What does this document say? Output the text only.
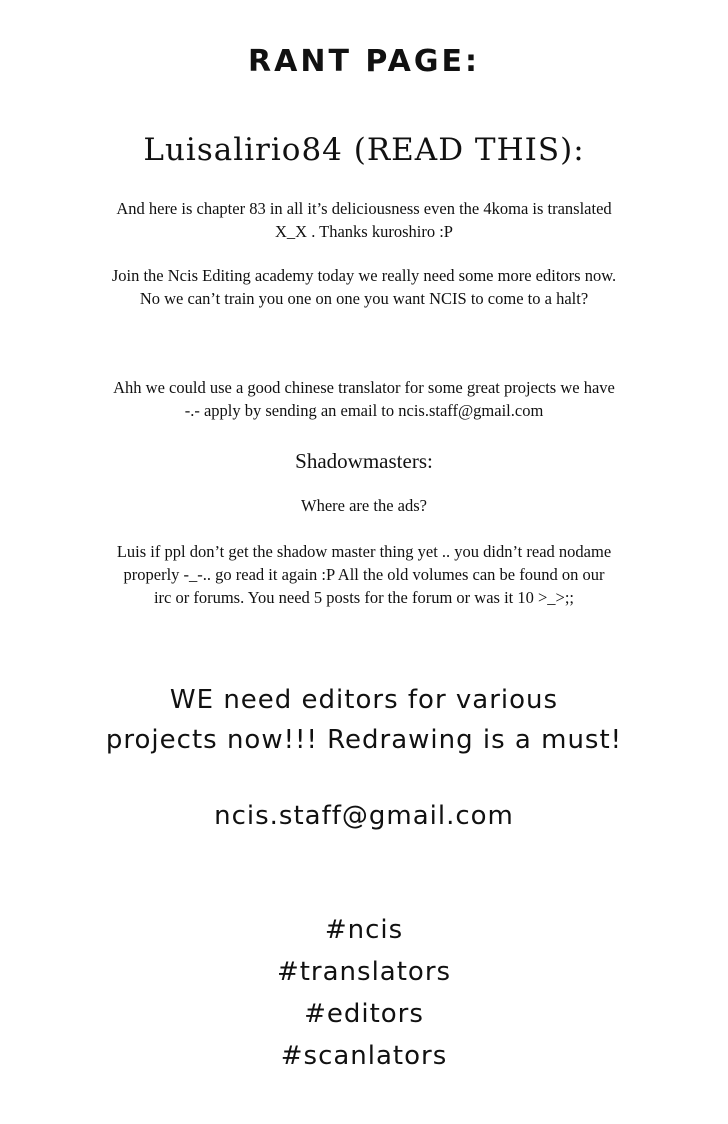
RANT PAGE:
Luisalirio84 (READ THIS):
And here is chapter 83 in all it’s deliciousness even the 4koma is translated
X_X . Thanks kuroshiro :P
Join the Ncis Editing academy today we really need some more editors now.
No we can’t train you one on one you want NCIS to come to a halt?
Ahh we could use a good chinese translator for some great projects we have
-.- apply by sending an email to ncis.staff@gmail.com
Shadowmasters:
Where are the ads?
Luis if ppl don’t get the shadow master thing yet .. you didn’t read nodame
properly -_-.. go read it again :P All the old volumes can be found on our
irc or forums. You need 5 posts for the forum or was it 10 >_>;;
WE need editors for various
projects now!!! Redrawing is a must!
ncis.staff@gmail.com
#ncis
#translators
#editors
#scanlators
